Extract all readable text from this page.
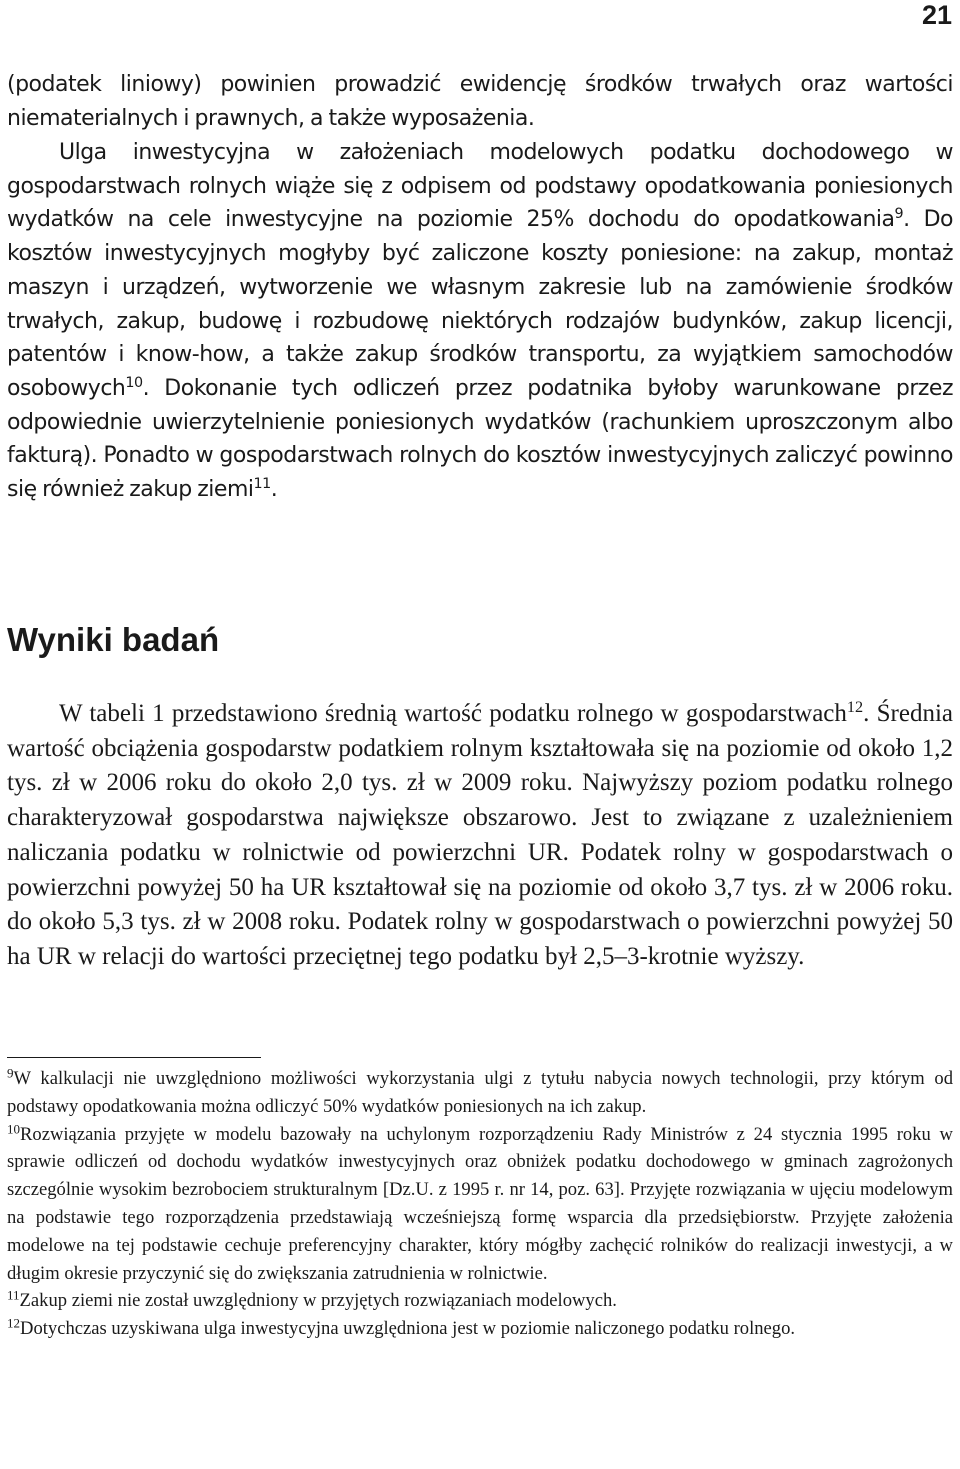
21

(podatek liniowy) powinien prowadzić ewidencję środków trwałych oraz wartości niematerialnych i prawnych, a także wyposażenia.

Ulga inwestycyjna w założeniach modelowych podatku dochodowego w gospodarstwach rolnych wiąże się z odpisem od podstawy opodatkowania poniesionych wydatków na cele inwestycyjne na poziomie 25% dochodu do opodatkowania$^9$. Do kosztów inwestycyjnych mogłyby być zaliczone koszty poniesione: na zakup, montaż maszyn i urządzeń, wytworzenie we własnym zakresie lub na zamówienie środków trwałych, zakup, budowę i rozbudowę niektórych rodzajów budynków, zakup licencji, patentów i know-how, a także zakup środków transportu, za wyjątkiem samochodów osobowych$^{10}$. Dokonanie tych odliczeń przez podatnika byłoby warunkowane przez odpowiednie uwierzytelnienie poniesionych wydatków (rachunkiem uproszczonym albo fakturą). Ponadto w gospodarstwach rolnych do kosztów inwestycyjnych zaliczyć powinno się również zakup ziemi$^{11}$.

Wyniki badań

W tabeli 1 przedstawiono średnią wartość podatku rolnego w gospodarstwach$^{12}$. Średnia wartość obciążenia gospodarstw podatkiem rolnym kształtowała się na poziomie od około 1,2 tys. zł w 2006 roku do około 2,0 tys. zł w 2009 roku. Najwyższy poziom podatku rolnego charakteryzował gospodarstwa największe obszarowo. Jest to związane z uzależnieniem naliczania podatku w rolnictwie od powierzchni UR. Podatek rolny w gospodarstwach o powierzchni powyżej 50 ha UR kształtował się na poziomie od około 3,7 tys. zł w 2006 roku. do około 5,3 tys. zł w 2008 roku. Podatek rolny w gospodarstwach o powierzchni powyżej 50 ha UR w relacji do wartości przeciętnej tego podatku był 2,5–3-krotnie wyższy.

$^9$W kalkulacji nie uwzględniono możliwości wykorzystania ulgi z tytułu nabycia nowych technologii, przy którym od podstawy opodatkowania można odliczyć 50% wydatków poniesionych na ich zakup.
$^{10}$Rozwiązania przyjęte w modelu bazowały na uchylonym rozporządzeniu Rady Ministrów z 24 stycznia 1995 roku w sprawie odliczeń od dochodu wydatków inwestycyjnych oraz obniżek podatku dochodowego w gminach zagrożonych szczególnie wysokim bezrobociem strukturalnym [Dz.U. z 1995 r. nr 14, poz. 63]. Przyjęte rozwiązania w ujęciu modelowym na podstawie tego rozporządzenia przedstawiają wcześniejszą formę wsparcia dla przedsiębiorstw. Przyjęte założenia modelowe na tej podstawie cechuje preferencyjny charakter, który mógłby zachęcić rolników do realizacji inwestycji, a w długim okresie przyczynić się do zwiększania zatrudnienia w rolnictwie.
$^{11}$Zakup ziemi nie został uwzględniony w przyjętych rozwiązaniach modelowych.
$^{12}$Dotychczas uzyskiwana ulga inwestycyjna uwzględniona jest w poziomie naliczonego podatku rolnego.
